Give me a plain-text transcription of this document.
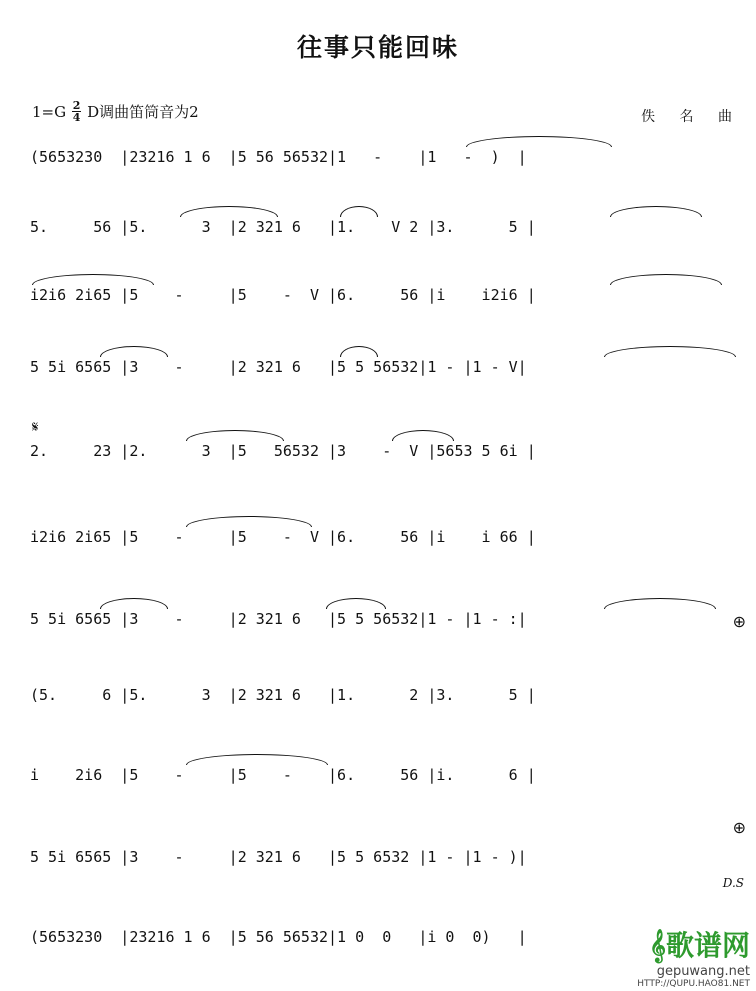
往事只能回味
1=G 2
4 D调曲笛筒音为2	佚 名 曲
𝄋
⊕
⊕
D.S
(5653230  |23216 1 6  |5 56 56532|1   -    |1   -  )  |
5.     56 |5.      3  |2 321 6   |1.    V 2 |3.      5 |
i2i6 2i65 |5    -     |5    -  V |6.     56 |i    i2i6 |
5 5i 6565 |3    -     |2 321 6   |5 5 56532|1 - |1 - V|
2.     23 |2.      3  |5   56532 |3    -  V |5653 5 6i |
i2i6 2i65 |5    -     |5    -  V |6.     56 |i    i 66 |
5 5i 6565 |3    -     |2 321 6   |5 5 56532|1 - |1 - :|
(5.     6 |5.      3  |2 321 6   |1.      2 |3.      5 |
i    2i6  |5    -     |5    -    |6.     56 |i.      6 |
5 5i 6565 |3    -     |2 321 6   |5 5 6532 |1 - |1 - )|
(5653230  |23216 1 6  |5 56 56532|1 0  0   |i 0  0)   |	𝄞歌谱网
gepuwang.net
HTTP://QUPU.HAO81.NET
